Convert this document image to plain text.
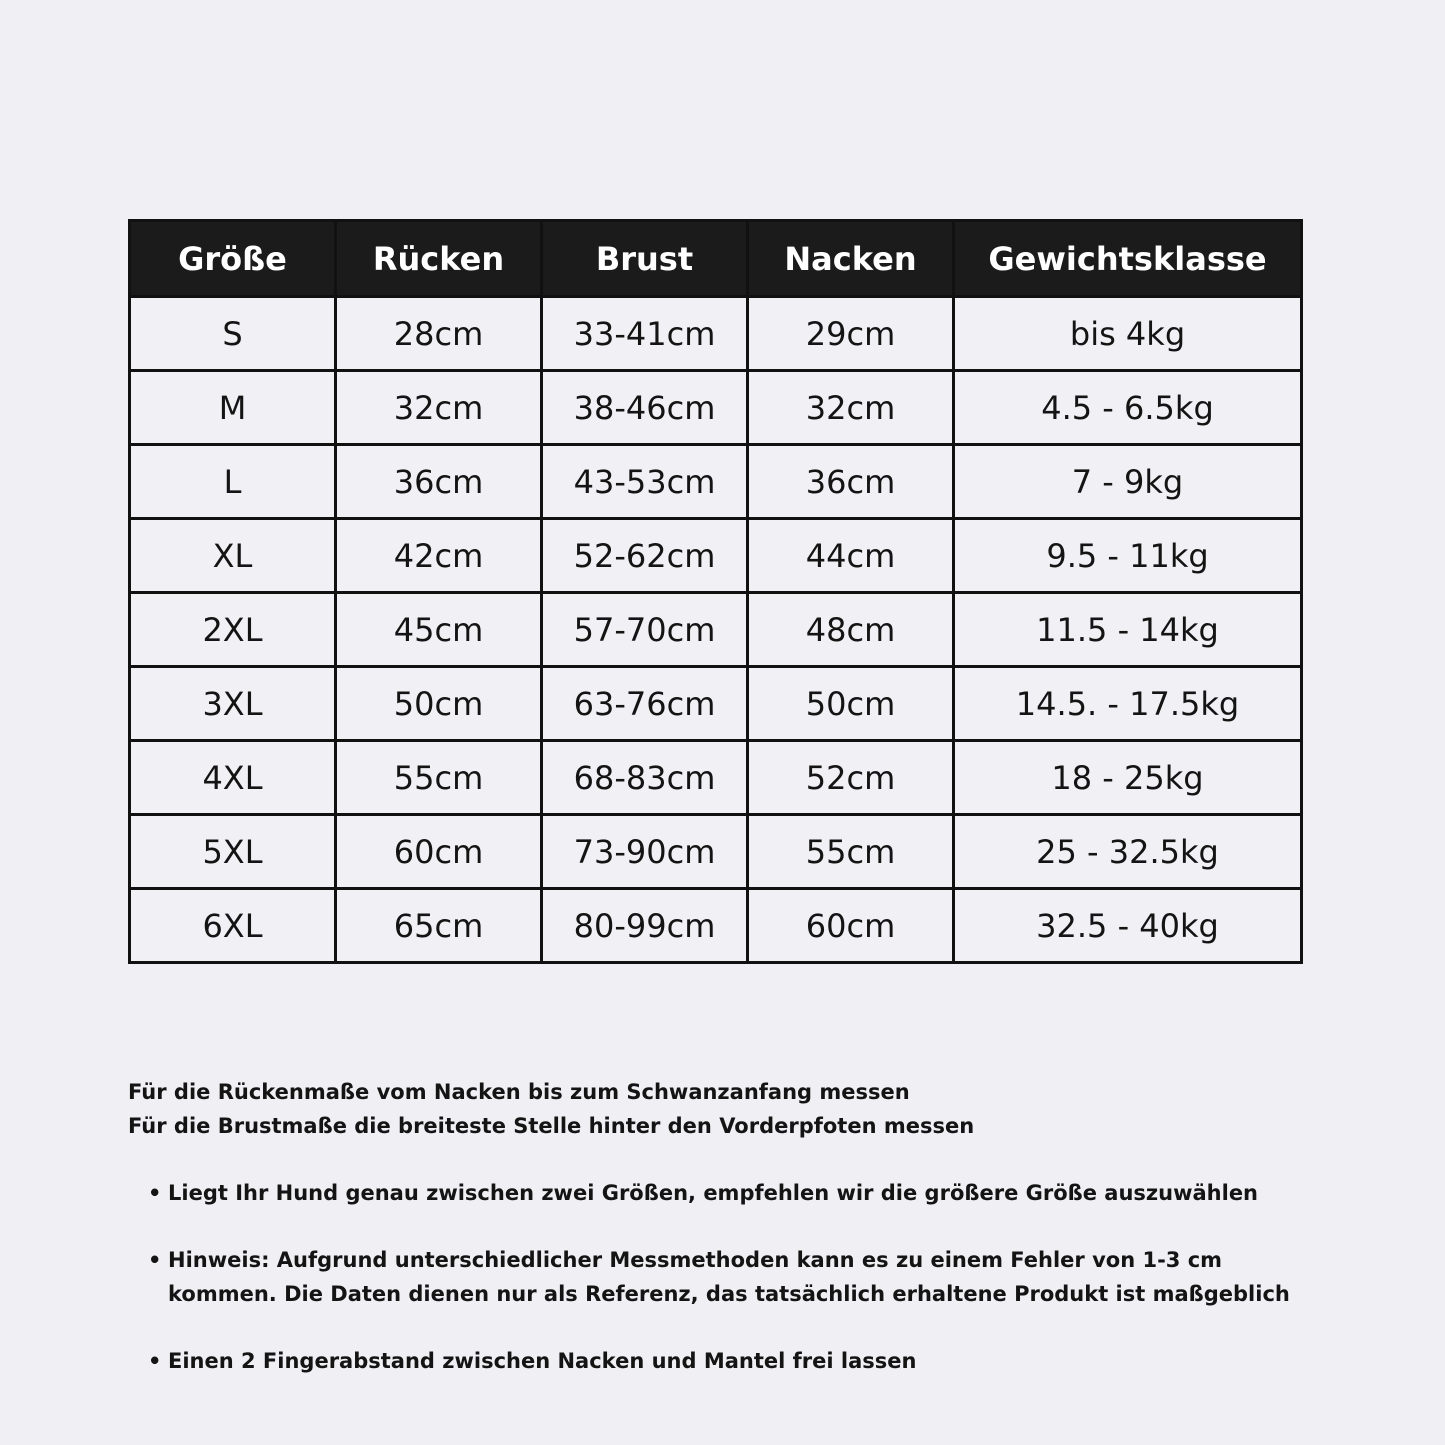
Größe	Rücken	Brust	Nacken	Gewichtsklasse
S	28cm	33-41cm	29cm	bis 4kg
M	32cm	38-46cm	32cm	4.5 - 6.5kg
L	36cm	43-53cm	36cm	7 - 9kg
XL	42cm	52-62cm	44cm	9.5 - 11kg
2XL	45cm	57-70cm	48cm	11.5 - 14kg
3XL	50cm	63-76cm	50cm	14.5. - 17.5kg
4XL	55cm	68-83cm	52cm	18 - 25kg
5XL	60cm	73-90cm	55cm	25 - 32.5kg
6XL	65cm	80-99cm	60cm	32.5 - 40kg

Für die Rückenmaße vom Nacken bis zum Schwanzanfang messen

Für die Brustmaße die breiteste Stelle hinter den Vorderpfoten messen

• Liegt Ihr Hund genau zwischen zwei Größen, empfehlen wir die größere Größe auszuwählen
• Hinweis: Aufgrund unterschiedlicher Messmethoden kann es zu einem Fehler von 1-3 cm kommen. Die Daten dienen nur als Referenz, das tatsächlich erhaltene Produkt ist maßgeblich
• Einen 2 Fingerabstand zwischen Nacken und Mantel frei lassen
